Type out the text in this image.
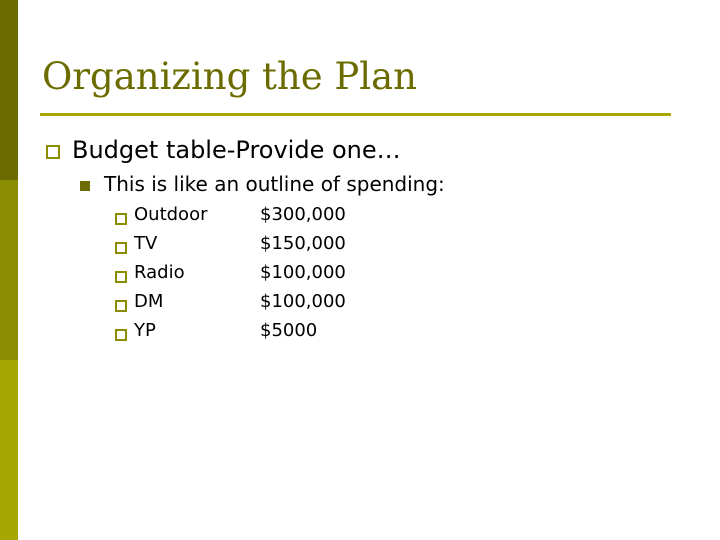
Organizing the Plan
Budget table-Provide one…
This is like an outline of spending:
Outdoor	$300,000
TV	$150,000
Radio	$100,000
DM	$100,000
YP	$5000
